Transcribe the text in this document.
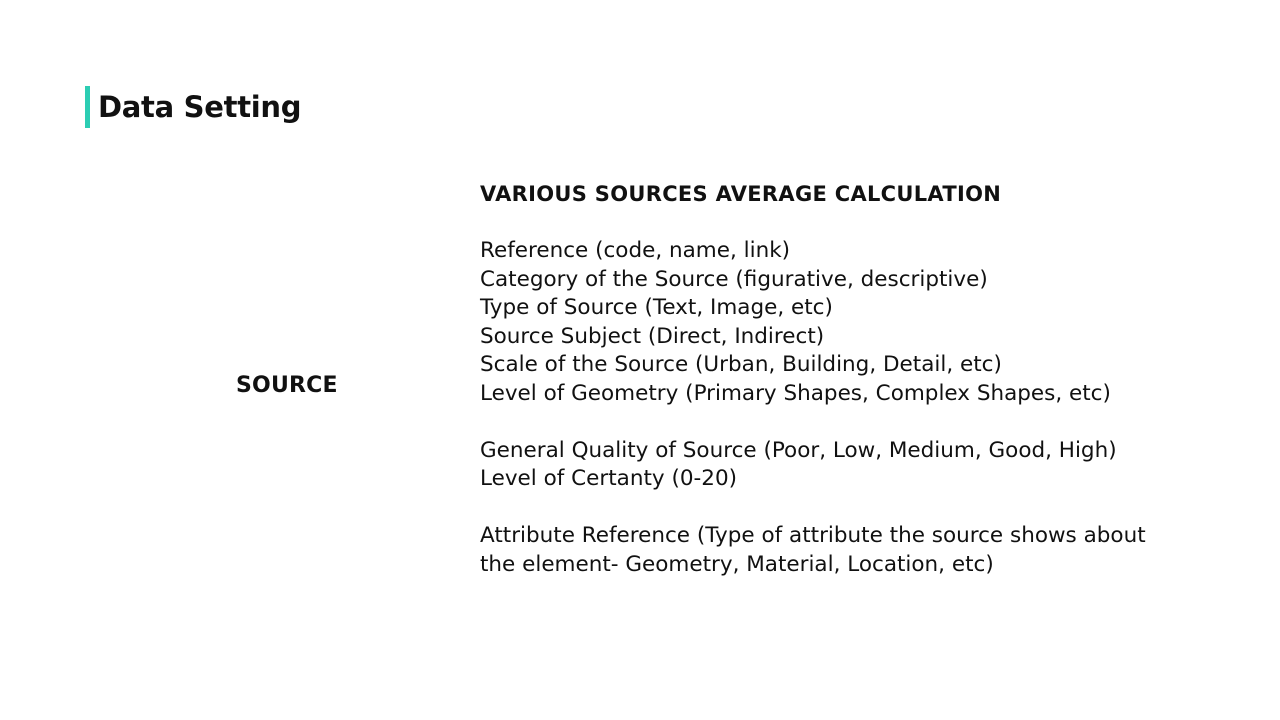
Data Setting
SOURCE
VARIOUS SOURCES AVERAGE CALCULATION
Reference (code, name, link)
Category of the Source (figurative, descriptive)
Type of Source (Text, Image, etc)
Source Subject (Direct, Indirect)
Scale of the Source (Urban, Building, Detail, etc)
Level of Geometry (Primary Shapes, Complex Shapes, etc)
General Quality of Source (Poor, Low, Medium, Good, High)
Level of Certanty (0-20)
Attribute Reference (Type of attribute the source shows about the element- Geometry, Material, Location, etc)
